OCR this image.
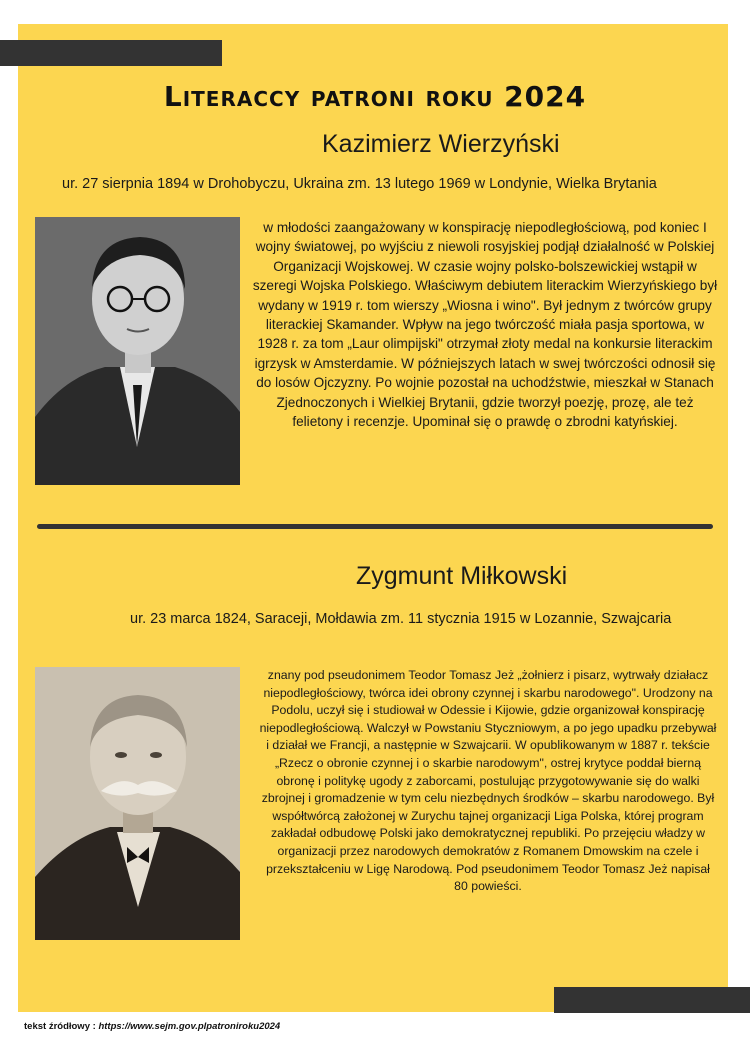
Literaccy patroni roku 2024
Kazimierz Wierzyński
ur. 27 sierpnia 1894 w Drohobyczu, Ukraina zm. 13 lutego 1969 w Londynie, Wielka Brytania
w młodości zaangażowany w konspirację niepodległościową, pod koniec I wojny światowej, po wyjściu z niewoli rosyjskiej podjął działalność w Polskiej Organizacji Wojskowej. W czasie wojny polsko-bolszewickiej wstąpił w szeregi Wojska Polskiego. Właściwym debiutem literackim Wierzyńskiego był wydany w 1919 r. tom wierszy „Wiosna i wino". Był jednym z twórców grupy literackiej Skamander. Wpływ na jego twórczość miała pasja sportowa, w 1928 r. za tom „Laur olimpijski" otrzymał złoty medal na konkursie literackim igrzysk w Amsterdamie. W późniejszych latach w swej twórczości odnosił się do losów Ojczyzny. Po wojnie pozostał na uchodźstwie, mieszkał w Stanach Zjednoczonych i Wielkiej Brytanii, gdzie tworzył poezję, prozę, ale też felietony i recenzje. Upominał się o prawdę o zbrodni katyńskiej.
Zygmunt Miłkowski
ur. 23 marca 1824, Saraceji, Mołdawia zm. 11 stycznia 1915 w Lozannie, Szwajcaria
znany pod pseudonimem Teodor Tomasz Jeż „żołnierz i pisarz, wytrwały działacz niepodległościowy, twórca idei obrony czynnej i skarbu narodowego". Urodzony na Podolu, uczył się i studiował w Odessie i Kijowie, gdzie organizował konspirację niepodległościową. Walczył w Powstaniu Styczniowym, a po jego upadku przebywał i działał we Francji, a następnie w Szwajcarii. W opublikowanym w 1887 r. tekście „Rzecz o obronie czynnej i o skarbie narodowym", ostrej krytyce poddał bierną obronę i politykę ugody z zaborcami, postulując przygotowywanie się do walki zbrojnej i gromadzenie w tym celu niezbędnych środków – skarbu narodowego. Był współtwórcą założonej w Zurychu tajnej organizacji Liga Polska, której program zakładał odbudowę Polski jako demokratycznej republiki. Po przejęciu władzy w organizacji przez narodowych demokratów z Romanem Dmowskim na czele i przekształceniu w Ligę Narodową. Pod pseudonimem Teodor Tomasz Jeż napisał 80 powieści.
tekst źródłowy : https://www.sejm.gov.plpatroniroku2024
